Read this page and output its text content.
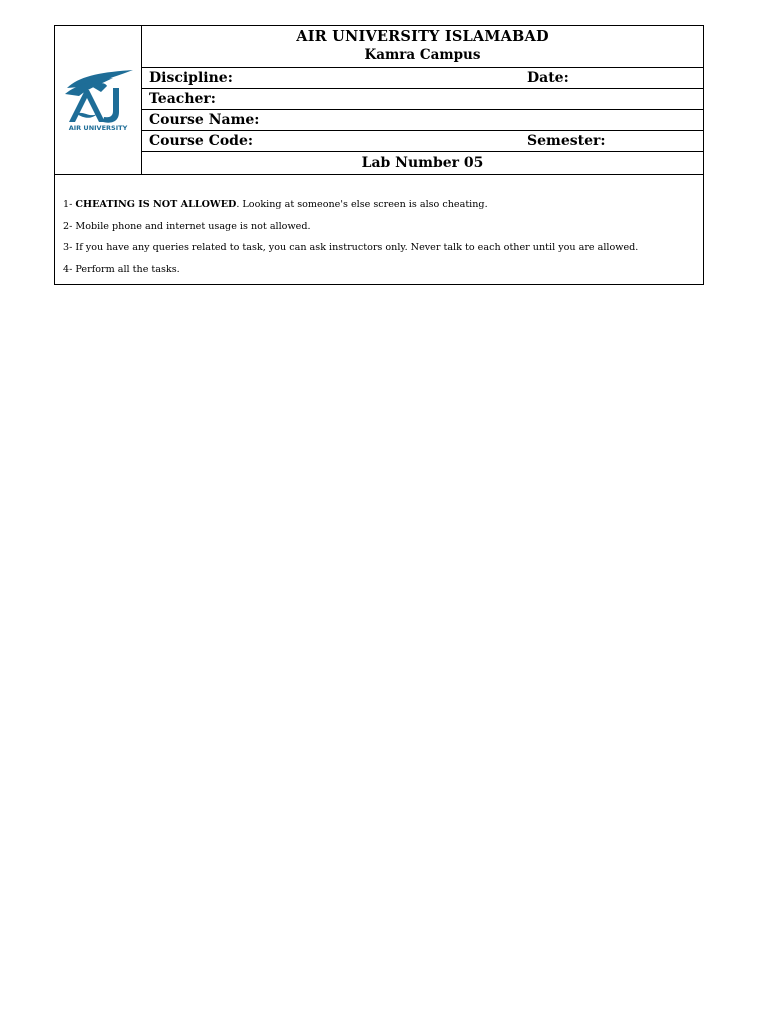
AIR UNIVERSITY
AIR UNIVERSITY ISLAMABAD
Kamra Campus
Discipline:	Date:
Teacher:
Course Name:
Course Code:	Semester:
Lab Number 05
1- CHEATING IS NOT ALLOWED. Looking at someone's else screen is also cheating.
2- Mobile phone and internet usage is not allowed.
3- If you have any queries related to task, you can ask instructors only. Never talk to each other until you are allowed.
4- Perform all the tasks.
